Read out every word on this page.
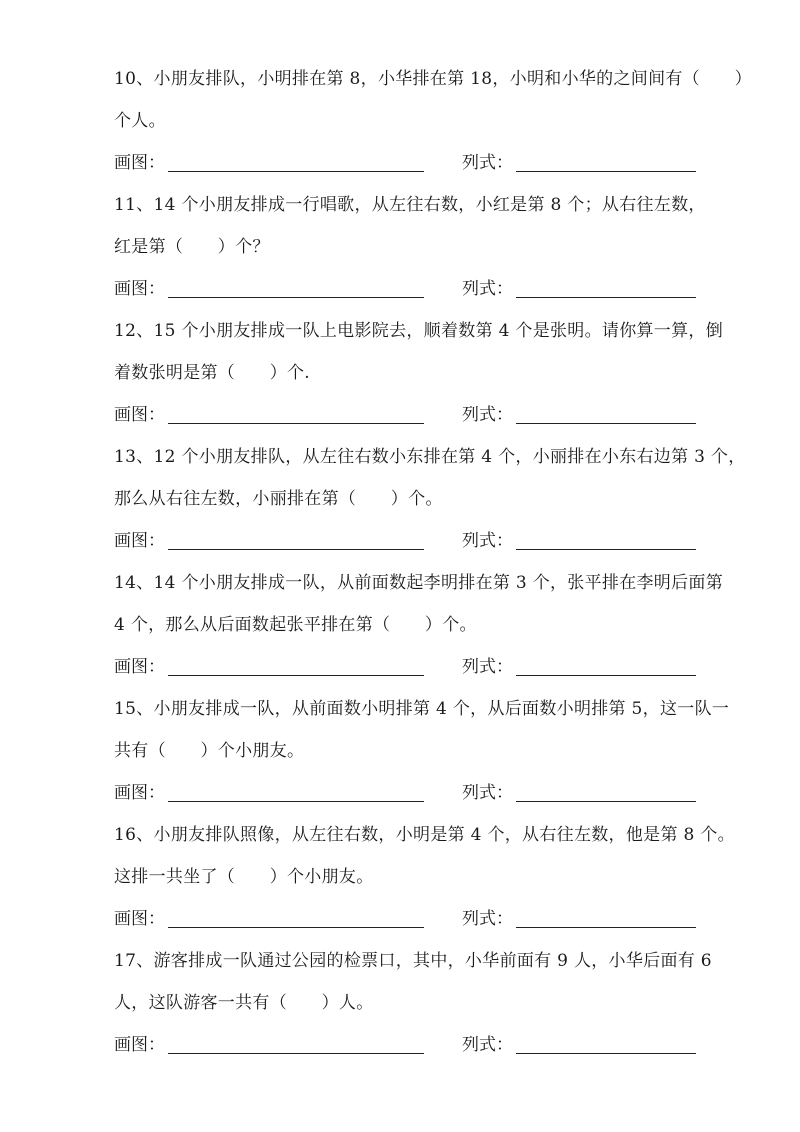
10、小朋友排队，小明排在第 8，小华排在第 18，小明和小华的之间间有（　　）

个人。

画图：	列式：

11、14 个小朋友排成一行唱歌，从左往右数，小红是第 8 个；从右往左数，

红是第（　　）个？

画图：	列式：

12、15 个小朋友排成一队上电影院去，顺着数第 4 个是张明。请你算一算，倒

着数张明是第（　　）个.

画图：	列式：

13、12 个小朋友排队，从左往右数小东排在第 4 个，小丽排在小东右边第 3 个，

那么从右往左数，小丽排在第（　　）个。

画图：	列式：

14、14 个小朋友排成一队，从前面数起李明排在第 3 个，张平排在李明后面第

4 个，那么从后面数起张平排在第（　　）个。

画图：	列式：

15、小朋友排成一队，从前面数小明排第 4 个，从后面数小明排第 5，这一队一

共有（　　）个小朋友。

画图：	列式：

16、小朋友排队照像，从左往右数，小明是第 4 个，从右往左数，他是第 8 个。

这排一共坐了（　　）个小朋友。

画图：	列式：

17、游客排成一队通过公园的检票口，其中，小华前面有 9 人，小华后面有 6

人，这队游客一共有（　　）人。

画图：	列式：
